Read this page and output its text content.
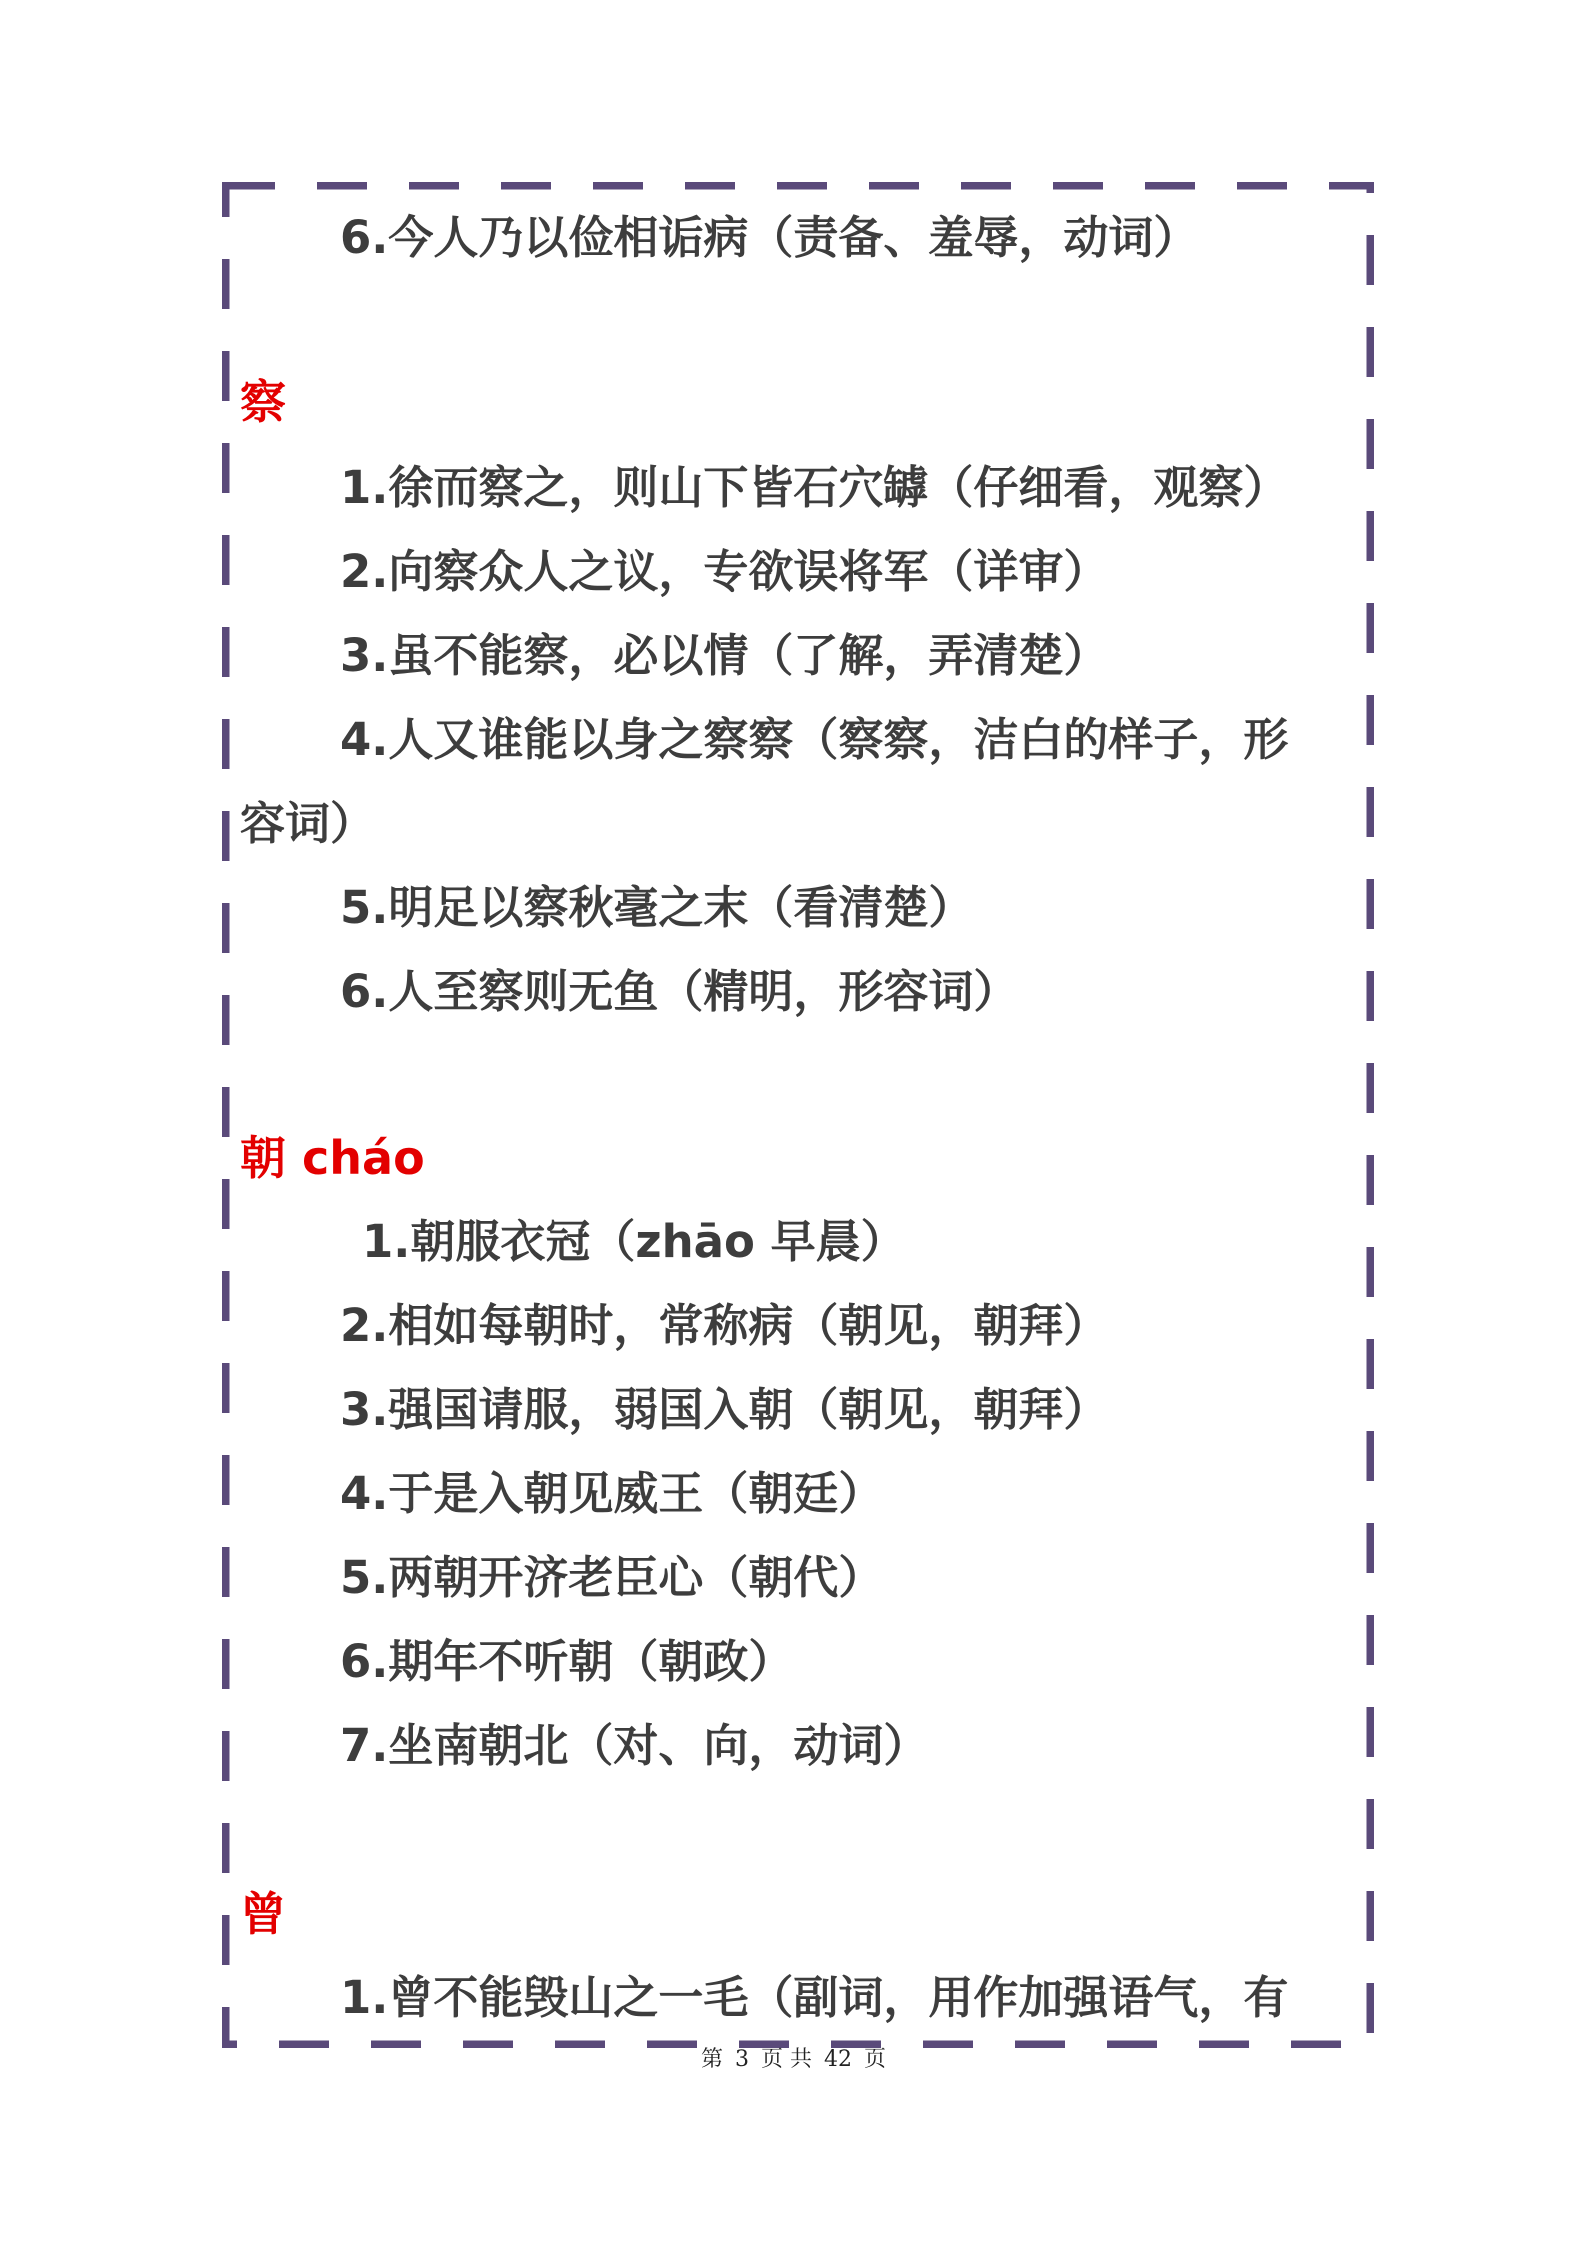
6.今人乃以俭相诟病（责备、羞辱，动词）
察
1.徐而察之，则山下皆石穴罅（仔细看，观察）
2.向察众人之议，专欲误将军（详审）
3.虽不能察，必以情（了解，弄清楚）
4.人又谁能以身之察察（察察，洁白的样子，形
容词）
5.明足以察秋毫之末（看清楚）
6.人至察则无鱼（精明，形容词）
朝 cháo
1.朝服衣冠（zhāo 早晨）
2.相如每朝时，常称病（朝见，朝拜）
3.强国请服，弱国入朝（朝见，朝拜）
4.于是入朝见威王（朝廷）
5.两朝开济老臣心（朝代）
6.期年不听朝（朝政）
7.坐南朝北（对、向，动词）
曾
1.曾不能毁山之一毛（副词，用作加强语气，有
第 3 页 共 42 页
